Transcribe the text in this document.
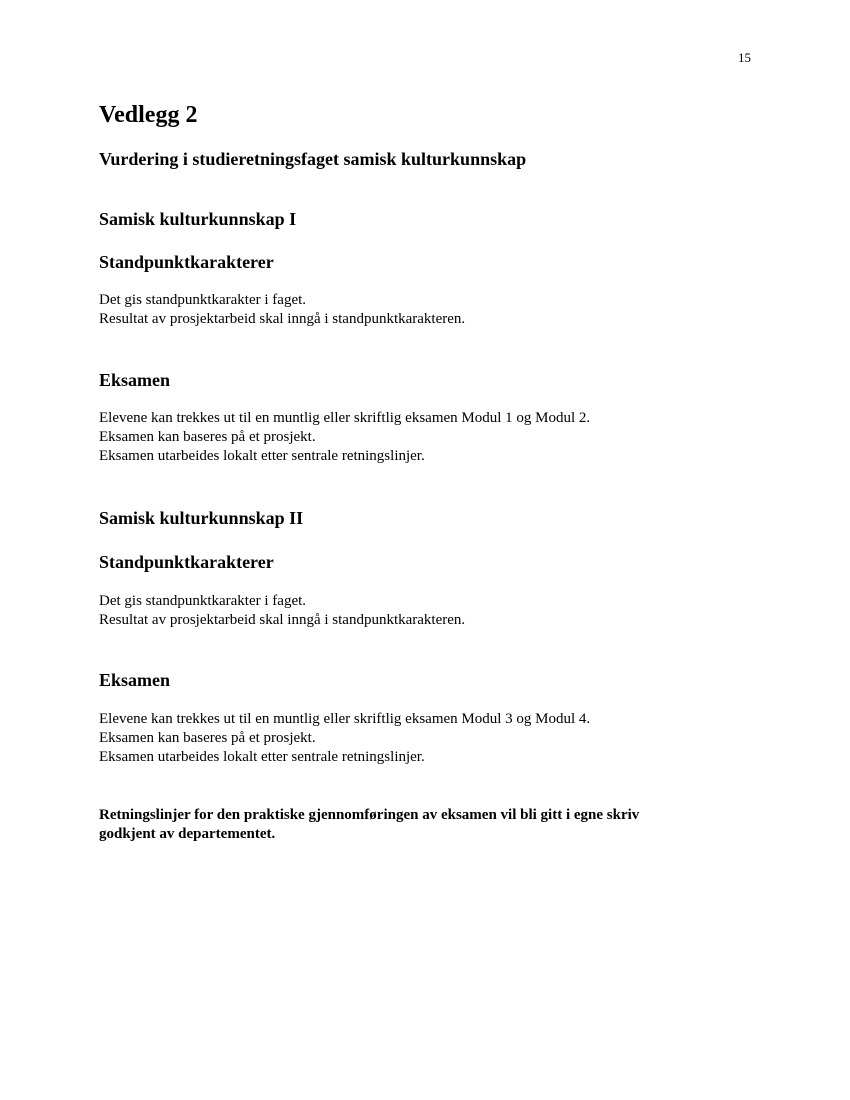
15
Vedlegg 2
Vurdering i studieretningsfaget samisk kulturkunnskap
Samisk kulturkunnskap I
Standpunktkarakterer
Det gis standpunktkarakter i faget.
Resultat av prosjektarbeid skal inngå i standpunktkarakteren.
Eksamen
Elevene kan trekkes ut til en muntlig eller skriftlig eksamen Modul 1 og Modul 2.
Eksamen kan baseres på et prosjekt.
Eksamen utarbeides lokalt etter sentrale retningslinjer.
Samisk kulturkunnskap II
Standpunktkarakterer
Det gis standpunktkarakter i faget.
Resultat av prosjektarbeid skal inngå i standpunktkarakteren.
Eksamen
Elevene kan trekkes ut til en muntlig eller skriftlig eksamen Modul 3 og Modul 4.
Eksamen kan baseres på et prosjekt.
Eksamen utarbeides lokalt etter sentrale retningslinjer.
Retningslinjer for den praktiske gjennomføringen av eksamen vil bli gitt i egne skriv
godkjent av departementet.
